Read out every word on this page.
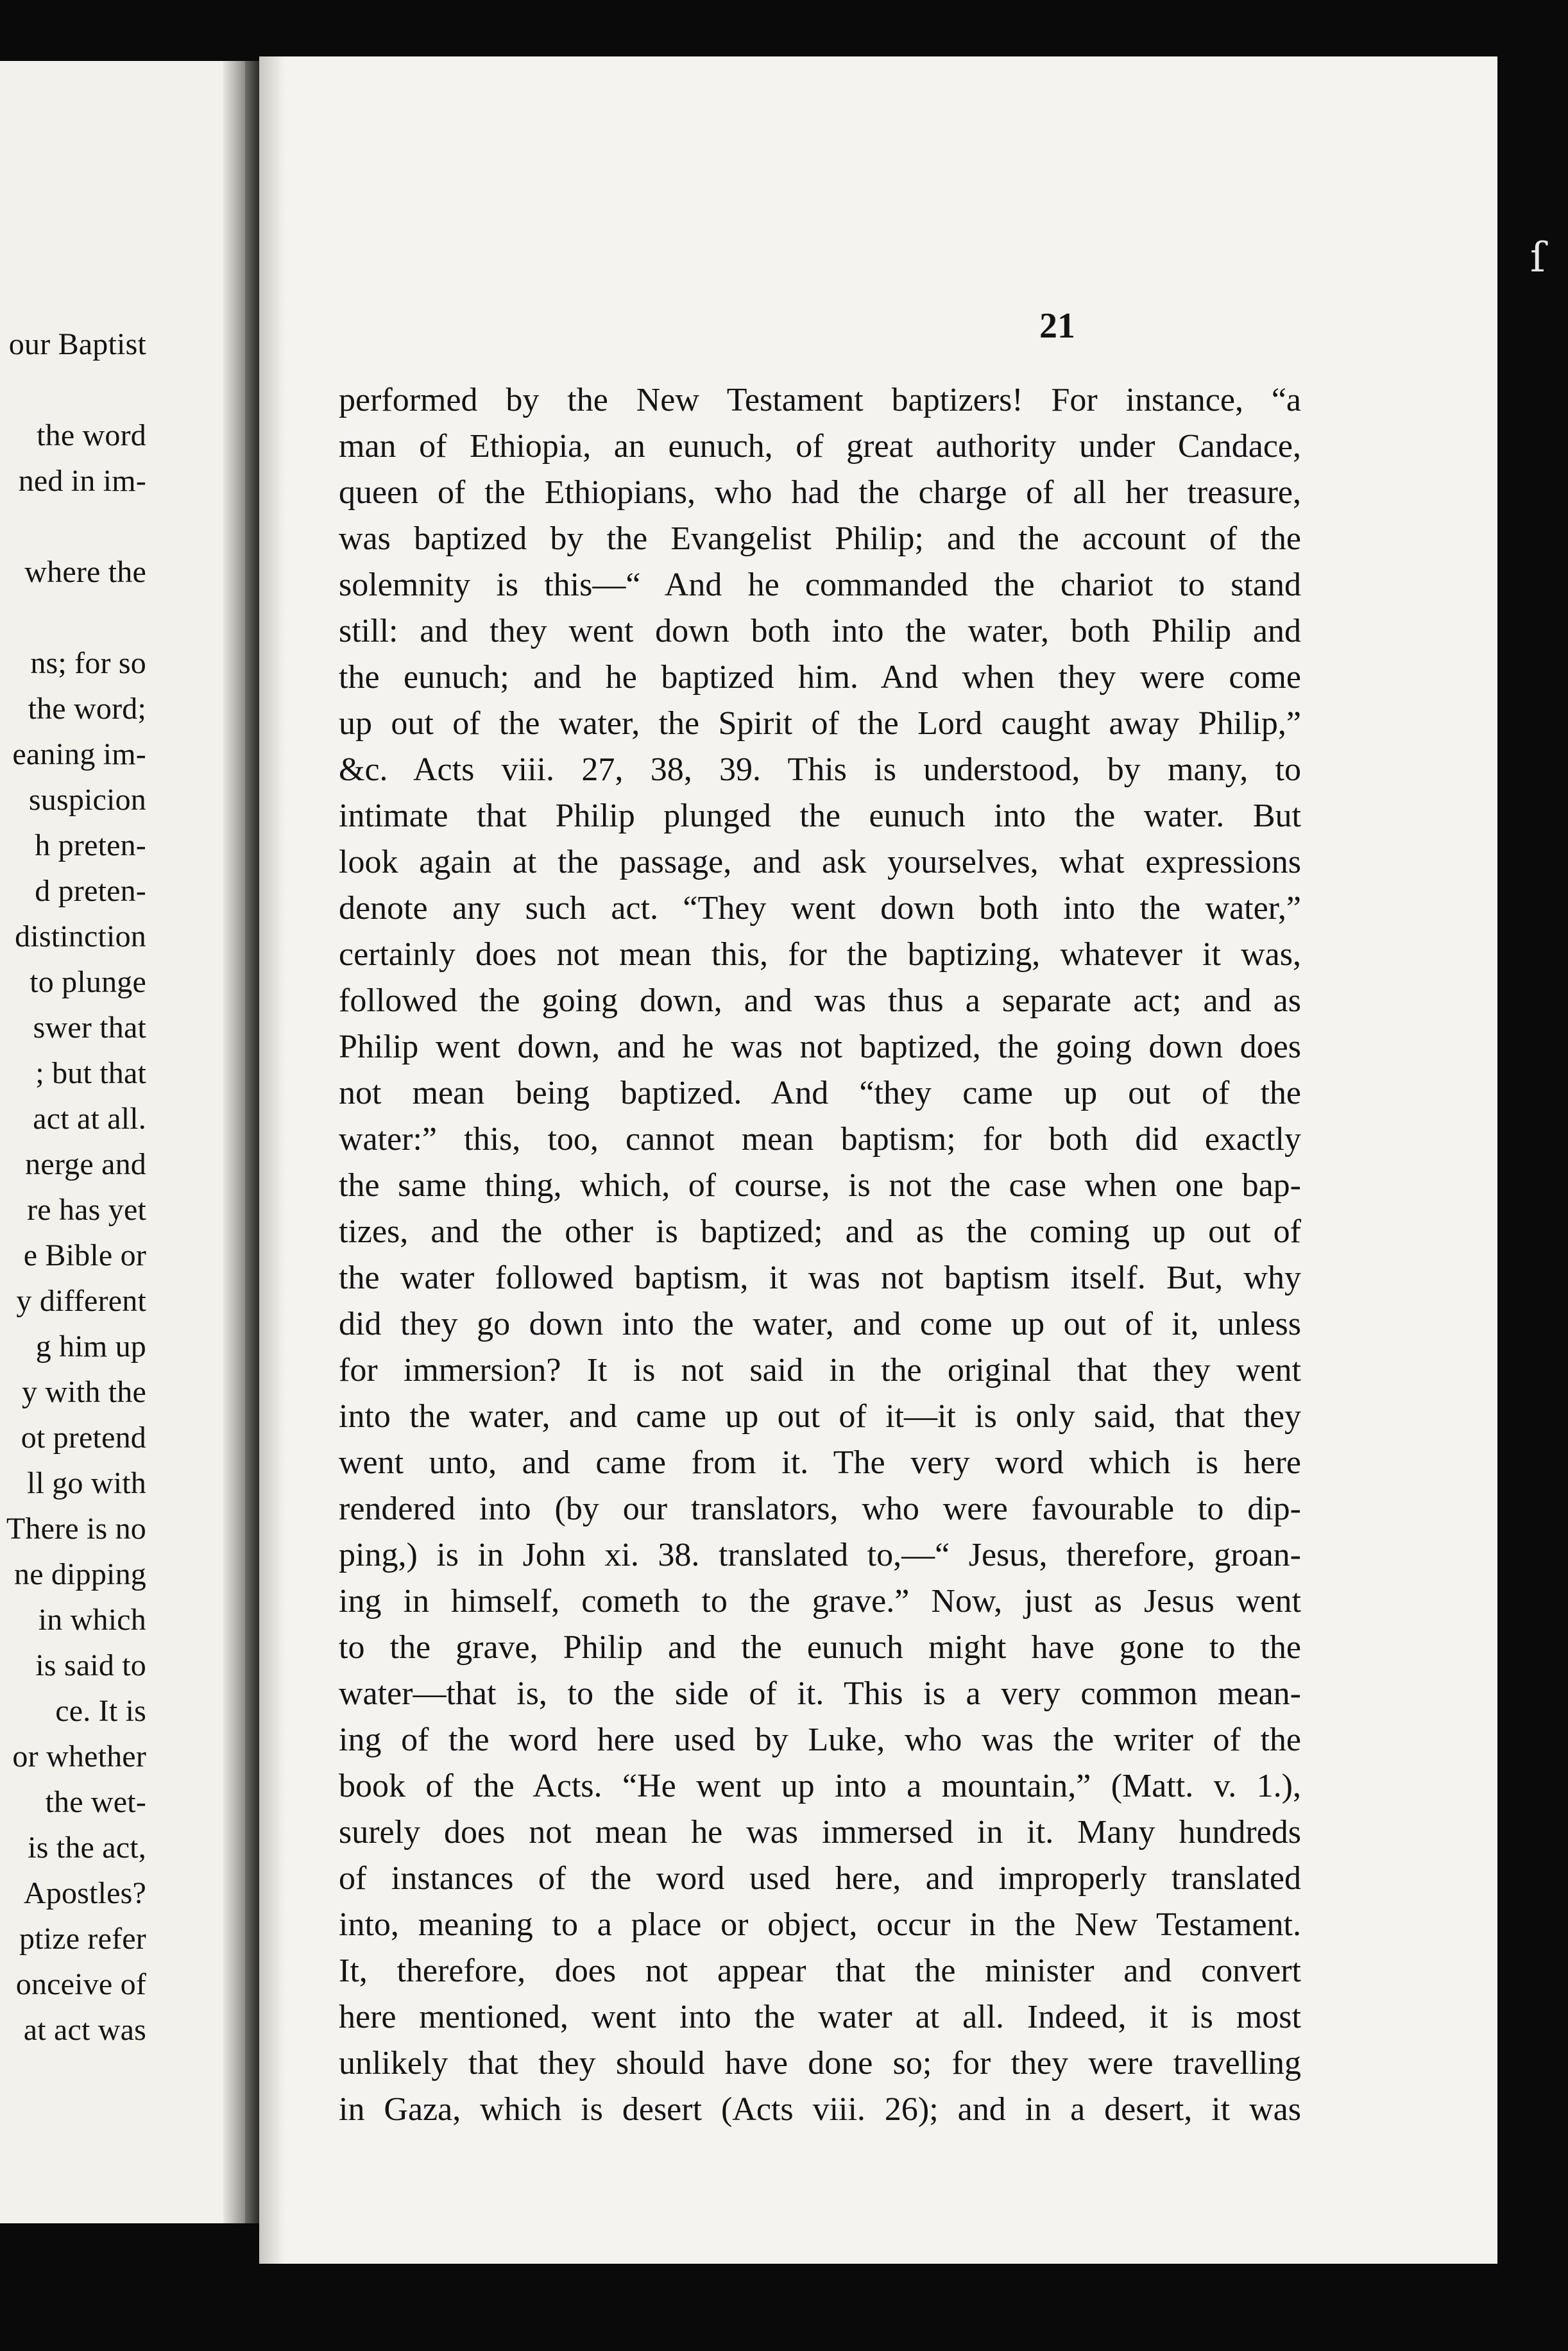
our Baptist
the word
ned in im-
where the
ns; for so
the word;
eaning im-
suspicion
h preten-
d preten-
distinction
to plunge
swer that
; but that
act at all.
nerge and
re has yet
e Bible or
y different
g him up
y with the
ot pretend
ll go with
There is no
ne dipping
in which
is said to
ce. It is
or whether
the wet-
is the act,
Apostles?
ptize refer
onceive of
at act was
21
performed by the New Testament baptizers! For instance, “a
man of Ethiopia, an eunuch, of great authority under Candace,
queen of the Ethiopians, who had the charge of all her treasure,
was baptized by the Evangelist Philip; and the account of the
solemnity is this—“ And he commanded the chariot to stand
still: and they went down both into the water, both Philip and
the eunuch; and he baptized him. And when they were come
up out of the water, the Spirit of the Lord caught away Philip,”
&c. Acts viii. 27, 38, 39. This is understood, by many, to
intimate that Philip plunged the eunuch into the water. But
look again at the passage, and ask yourselves, what expressions
denote any such act. “They went down both into the water,”
certainly does not mean this, for the baptizing, whatever it was,
followed the going down, and was thus a separate act; and as
Philip went down, and he was not baptized, the going down does
not mean being baptized. And “they came up out of the
water:” this, too, cannot mean baptism; for both did exactly
the same thing, which, of course, is not the case when one bap-
tizes, and the other is baptized; and as the coming up out of
the water followed baptism, it was not baptism itself. But, why
did they go down into the water, and come up out of it, unless
for immersion? It is not said in the original that they went
into the water, and came up out of it—it is only said, that they
went unto, and came from it. The very word which is here
rendered into (by our translators, who were favourable to dip-
ping,) is in John xi. 38. translated to,—“ Jesus, therefore, groan-
ing in himself, cometh to the grave.” Now, just as Jesus went
to the grave, Philip and the eunuch might have gone to the
water—that is, to the side of it. This is a very common mean-
ing of the word here used by Luke, who was the writer of the
book of the Acts. “He went up into a mountain,” (Matt. v. 1.),
surely does not mean he was immersed in it. Many hundreds
of instances of the word used here, and improperly translated
into, meaning to a place or object, occur in the New Testament.
It, therefore, does not appear that the minister and convert
here mentioned, went into the water at all. Indeed, it is most
unlikely that they should have done so; for they were travelling
in Gaza, which is desert (Acts viii. 26); and in a desert, it was
ſ
